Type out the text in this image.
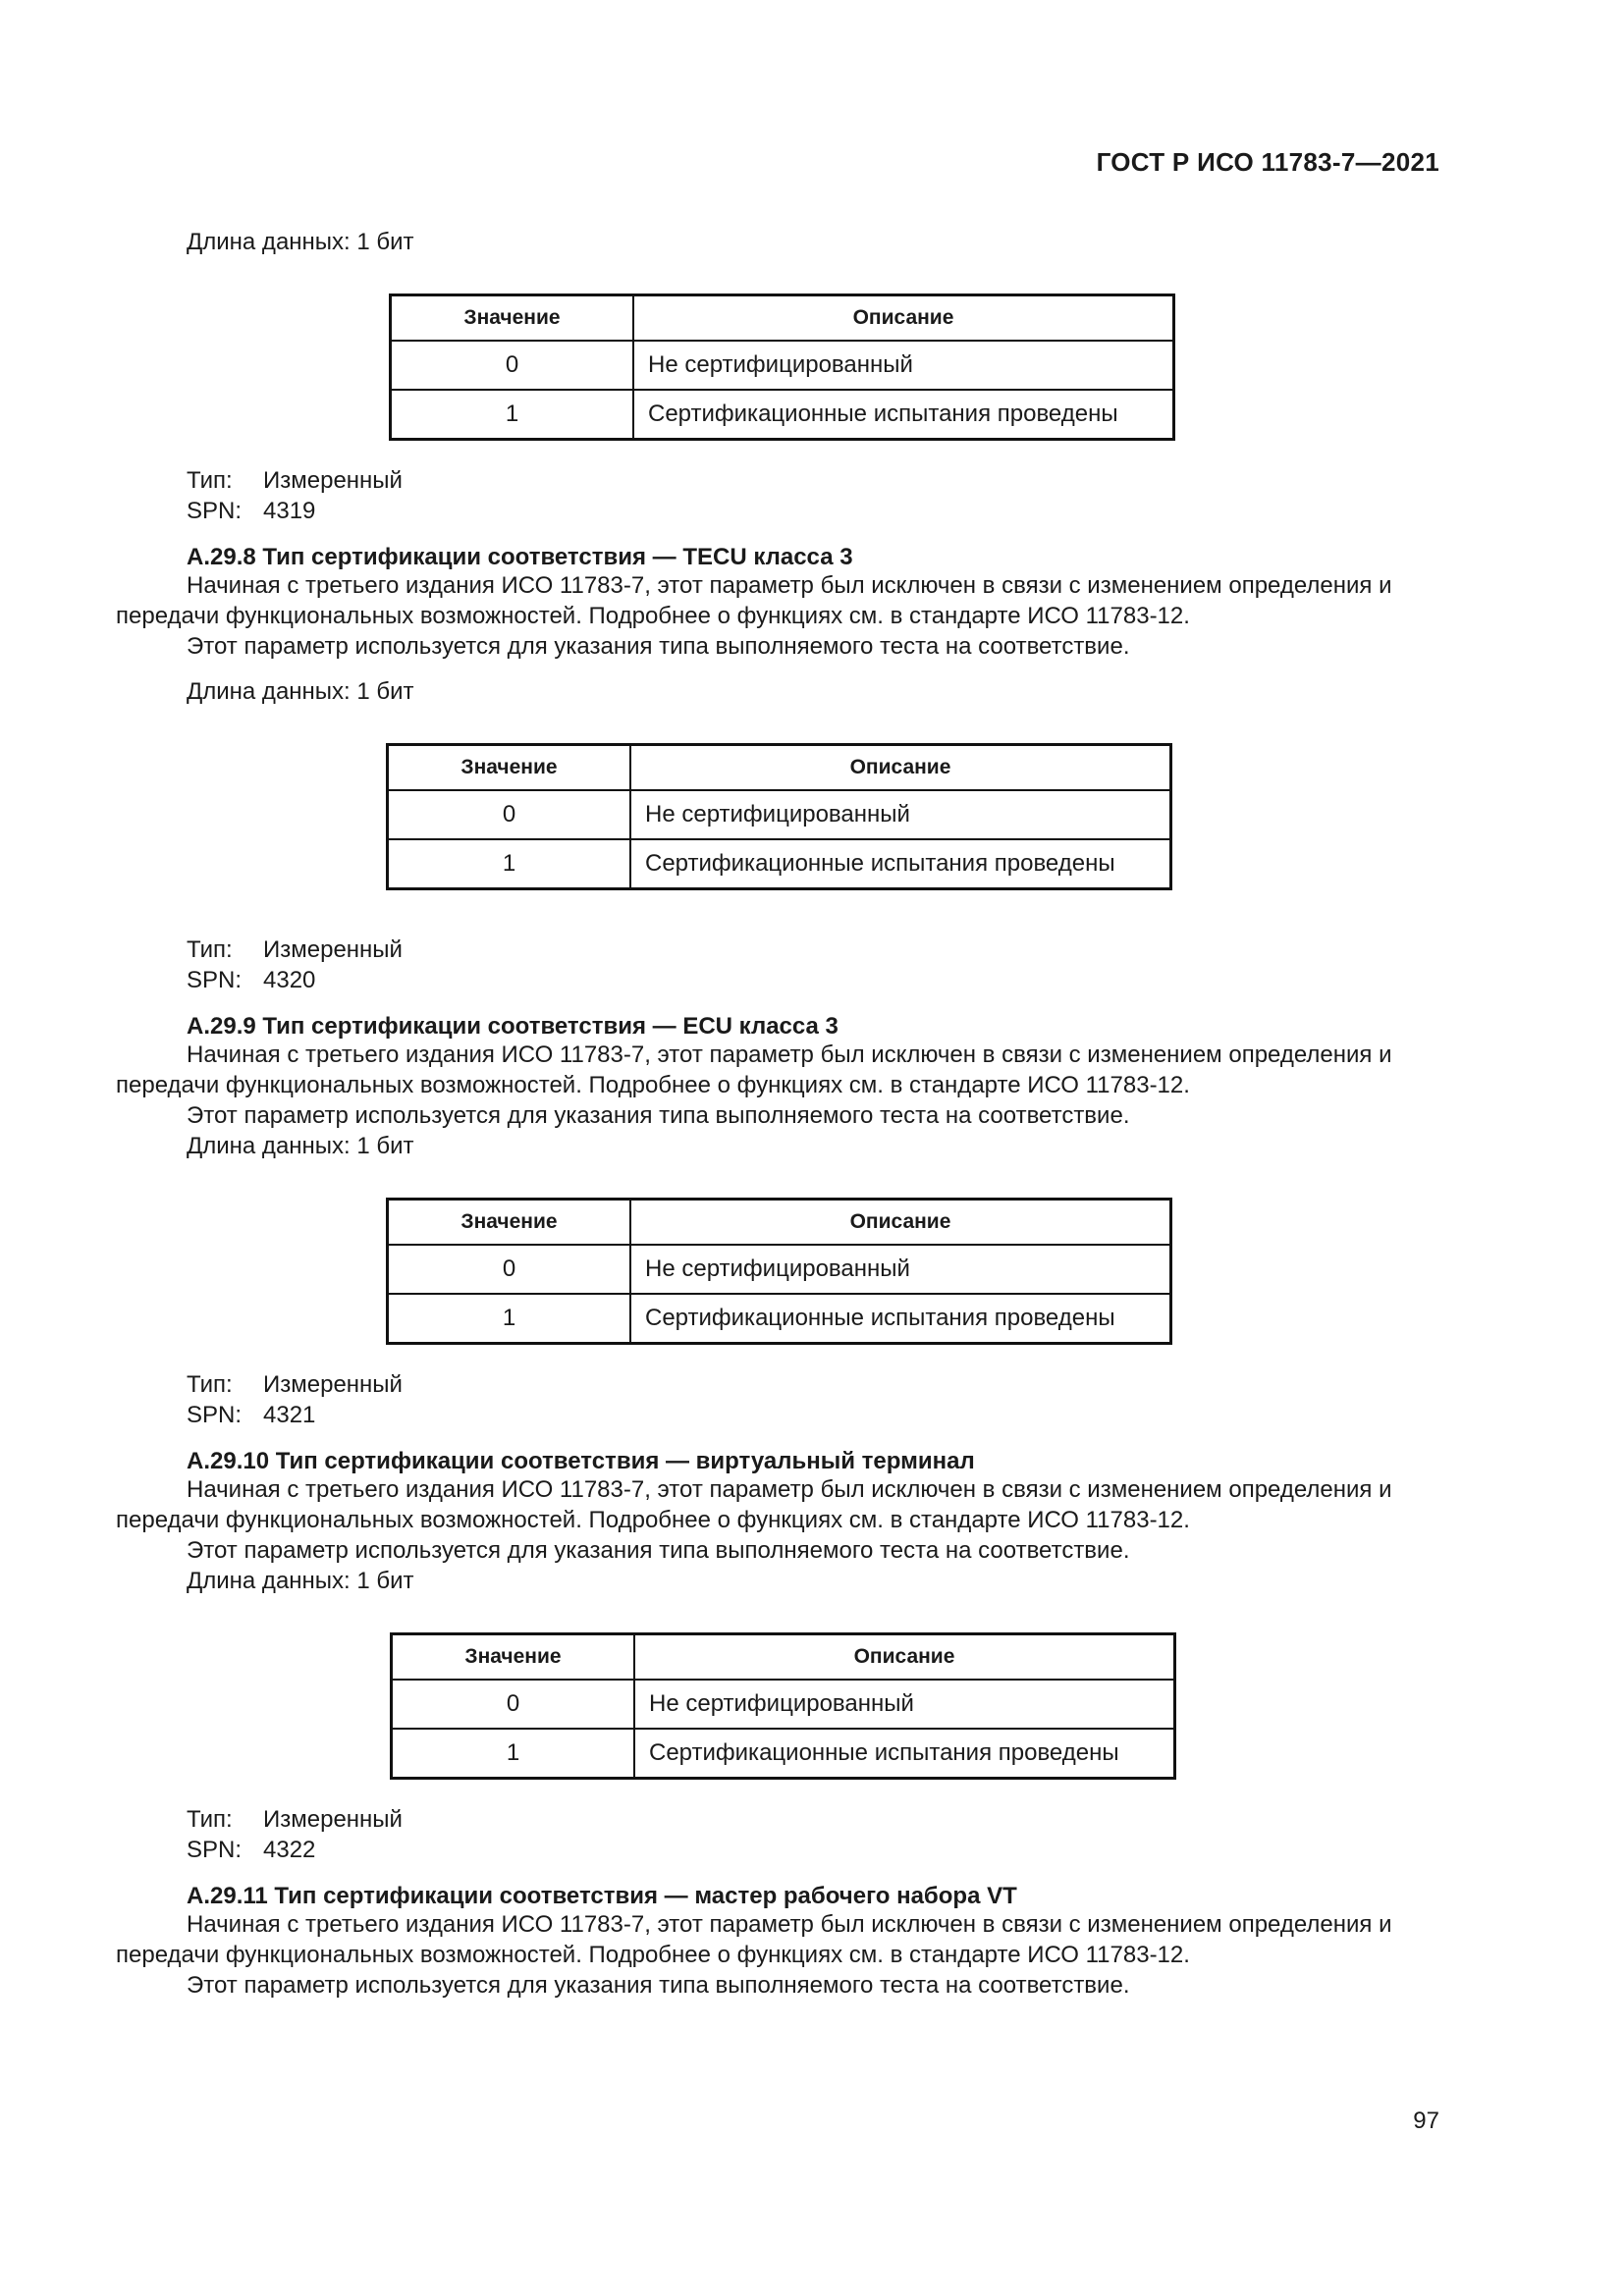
ГОСТ Р ИСО 11783-7—2021
Длина данных: 1 бит
Значение	Описание
0	Не сертифицированный
1	Сертификационные испытания проведены
Тип: Измеренный
SPN: 4319
A.29.8 Тип сертификации соответствия — TECU класса 3
Начиная с третьего издания ИСО 11783-7, этот параметр был исключен в связи с изменением определения и передачи функциональных возможностей. Подробнее о функциях см. в стандарте ИСО 11783-12.
Этот параметр используется для указания типа выполняемого теста на соответствие.
Длина данных: 1 бит
Значение	Описание
0	Не сертифицированный
1	Сертификационные испытания проведены
Тип: Измеренный
SPN: 4320
A.29.9 Тип сертификации соответствия — ECU класса 3
Начиная с третьего издания ИСО 11783-7, этот параметр был исключен в связи с изменением определения и передачи функциональных возможностей. Подробнее о функциях см. в стандарте ИСО 11783-12.
Этот параметр используется для указания типа выполняемого теста на соответствие.
Длина данных: 1 бит
Значение	Описание
0	Не сертифицированный
1	Сертификационные испытания проведены
Тип: Измеренный
SPN: 4321
A.29.10 Тип сертификации соответствия — виртуальный терминал
Начиная с третьего издания ИСО 11783-7, этот параметр был исключен в связи с изменением определения и передачи функциональных возможностей. Подробнее о функциях см. в стандарте ИСО 11783-12.
Этот параметр используется для указания типа выполняемого теста на соответствие.
Длина данных: 1 бит
Значение	Описание
0	Не сертифицированный
1	Сертификационные испытания проведены
Тип: Измеренный
SPN: 4322
A.29.11 Тип сертификации соответствия — мастер рабочего набора VT
Начиная с третьего издания ИСО 11783-7, этот параметр был исключен в связи с изменением определения и передачи функциональных возможностей. Подробнее о функциях см. в стандарте ИСО 11783-12.
Этот параметр используется для указания типа выполняемого теста на соответствие.
97
